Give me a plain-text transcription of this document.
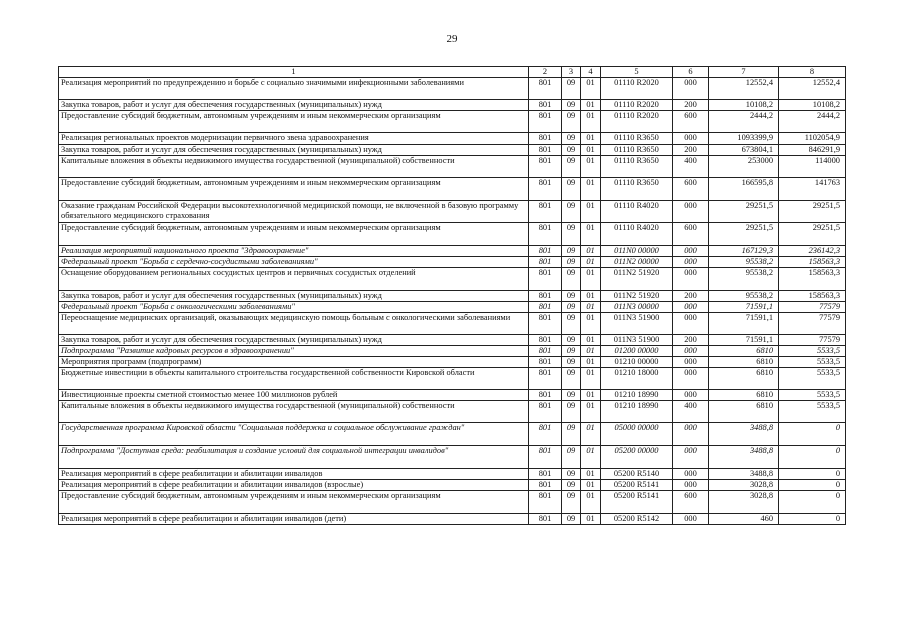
29
1	2	3	4	5	6	7	8
Реализация мероприятий по предупреждению и борьбе с социально значимыми инфекционными заболеваниями	801	09	01	01110 R2020	000	12552,4	12552,4
Закупка товаров, работ и услуг для обеспечения государственных (муниципальных) нужд	801	09	01	01110 R2020	200	10108,2	10108,2
Предоставление субсидий бюджетным, автономным учреждениям и иным некоммерческим организациям	801	09	01	01110 R2020	600	2444,2	2444,2
Реализация региональных проектов модернизации первичного звена здравоохранения	801	09	01	01110 R3650	000	1093399,9	1102054,9
Закупка товаров, работ и услуг для обеспечения государственных (муниципальных) нужд	801	09	01	01110 R3650	200	673804,1	846291,9
Капитальные вложения в объекты недвижимого имущества государственной (муниципальной) собственности	801	09	01	01110 R3650	400	253000	114000
Предоставление субсидий бюджетным, автономным учреждениям и иным некоммерческим организациям	801	09	01	01110 R3650	600	166595,8	141763
Оказание гражданам Российской Федерации высокотехнологичной медицинской помощи, не включенной в базовую программу обязательного медицинского страхования	801	09	01	01110 R4020	000	29251,5	29251,5
Предоставление субсидий бюджетным, автономным учреждениям и иным некоммерческим организациям	801	09	01	01110 R4020	600	29251,5	29251,5
Реализация мероприятий национального проекта "Здравоохранение"	801	09	01	011N0 00000	000	167129,3	236142,3
Федеральный проект "Борьба с сердечно-сосудистыми заболеваниями"	801	09	01	011N2 00000	000	95538,2	158563,3
Оснащение оборудованием региональных сосудистых центров и первичных сосудистых отделений	801	09	01	011N2 51920	000	95538,2	158563,3
Закупка товаров, работ и услуг для обеспечения государственных (муниципальных) нужд	801	09	01	011N2 51920	200	95538,2	158563,3
Федеральный проект "Борьба с онкологическими заболеваниями"	801	09	01	011N3 00000	000	71591,1	77579
Переоснащение медицинских организаций, оказывающих медицинскую помощь больным с онкологическими заболеваниями	801	09	01	011N3 51900	000	71591,1	77579
Закупка товаров, работ и услуг для обеспечения государственных (муниципальных) нужд	801	09	01	011N3 51900	200	71591,1	77579
Подпрограмма "Развитие кадровых ресурсов в здравоохранении"	801	09	01	01200 00000	000	6810	5533,5
Мероприятия программ (подпрограмм)	801	09	01	01210 00000	000	6810	5533,5
Бюджетные инвестиции в объекты капитального строительства государственной собственности Кировской области	801	09	01	01210 18000	000	6810	5533,5
Инвестиционные проекты сметной стоимостью менее 100 миллионов рублей	801	09	01	01210 18990	000	6810	5533,5
Капитальные вложения в объекты недвижимого имущества государственной (муниципальной) собственности	801	09	01	01210 18990	400	6810	5533,5
Государственная программа Кировской области "Социальная поддержка и социальное обслуживание граждан"	801	09	01	05000 00000	000	3488,8	0
Подпрограмма "Доступная среда: реабилитация и создание условий для социальной интеграции инвалидов"	801	09	01	05200 00000	000	3488,8	0
Реализация мероприятий в сфере реабилитации и абилитации инвалидов	801	09	01	05200 R5140	000	3488,8	0
Реализация мероприятий в сфере реабилитации и абилитации инвалидов (взрослые)	801	09	01	05200 R5141	000	3028,8	0
Предоставление субсидий бюджетным, автономным учреждениям и иным некоммерческим организациям	801	09	01	05200 R5141	600	3028,8	0
Реализация мероприятий в сфере реабилитации и абилитации инвалидов (дети)	801	09	01	05200 R5142	000	460	0
